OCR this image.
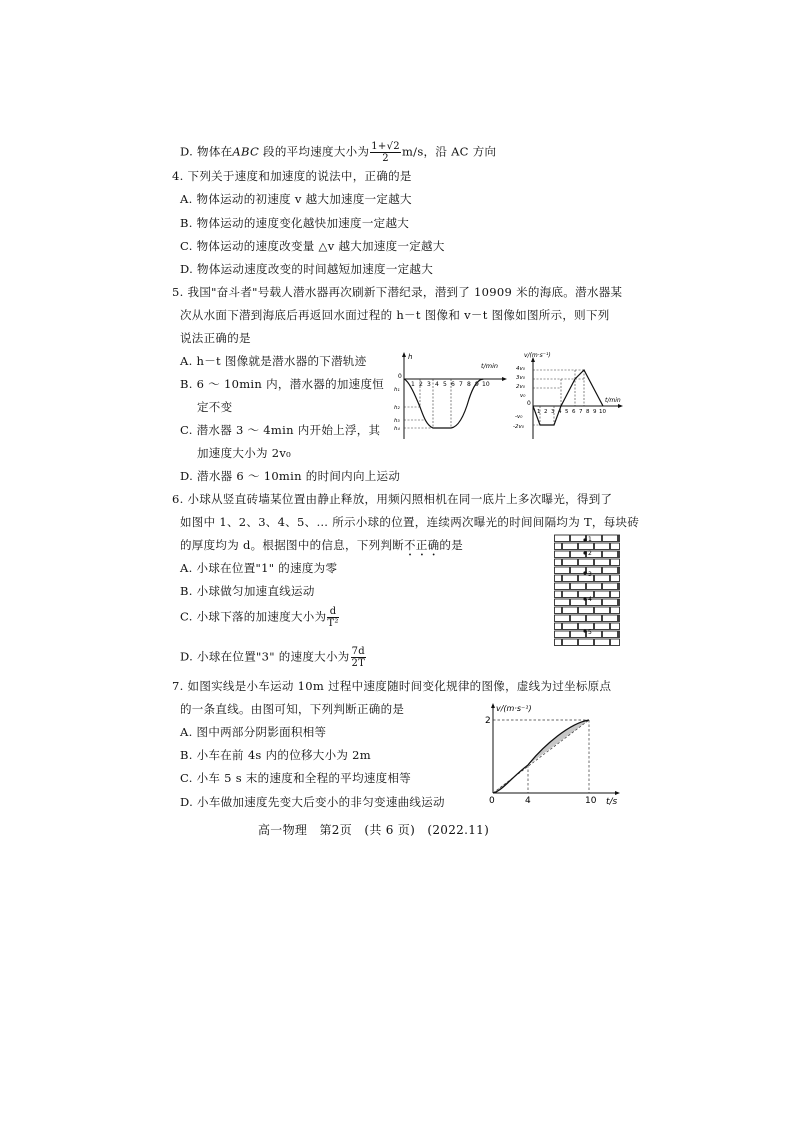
D. 物体在ABC 段的平均速度大小为 $\frac{1+√2}{2} m/s$，沿 AC 方向
4. 下列关于速度和加速度的说法中，正确的是
A. 物体运动的初速度 v 越大加速度一定越大
B. 物体运动的速度变化越快加速度一定越大
C. 物体运动的速度改变量 △v 越大加速度一定越大
D. 物体运动速度改变的时间越短加速度一定越大
5. 我国"奋斗者"号载人潜水器再次刷新下潜纪录，潜到了 10909 米的海底。潜水器某
次从水面下潜到海底后再返回水面过程的 h－t 图像和 v－t 图像如图所示，则下列
说法正确的是
A. h－t 图像就是潜水器的下潜轨迹
B. 6 ～ 10min 内，潜水器的加速度恒
定不变
C. 潜水器 3 ～ 4min 内开始上浮，其
加速度大小为 2v₀
D. 潜水器 6 ～ 10min 的时间内向上运动
h
t/min
0
1 2 3 4 5 6 7 8 9 10
h₁
h₂
h₃
h₄
v/(m·s⁻¹)
t/min
0
4v₀
3v₀
2v₀
v₀
-v₀
-2v₀
1 2 3 4 5 6 7 8 9 10
6. 小球从竖直砖墙某位置由静止释放，用频闪照相机在同一底片上多次曝光，得到了
如图中 1、2、3、4、5、… 所示小球的位置，连续两次曝光的时间间隔均为 T，每块砖
的厚度均为 d。根据图中的信息，下列判断不正确的是
A. 小球在位置"1" 的速度为零
B. 小球做匀加速直线运动
C. 小球下落的加速度大小为 $\frac{d}{\text{T²}}$
D. 小球在位置"3" 的速度大小为 $\frac{7d}{2T}$
1
2
3
4
5
7. 如图实线是小车运动 10m 过程中速度随时间变化规律的图像，虚线为过坐标原点
的一条直线。由图可知，下列判断正确的是
A. 图中两部分阴影面积相等
B. 小车在前 4s 内的位移大小为 2m
C. 小车 5 s 末的速度和全程的平均速度相等
D. 小车做加速度先变大后变小的非匀变速曲线运动
v/(m·s⁻¹)
t/s
0
2
4	10
高一物理　第2页　(共 6 页)　(2022.11)
